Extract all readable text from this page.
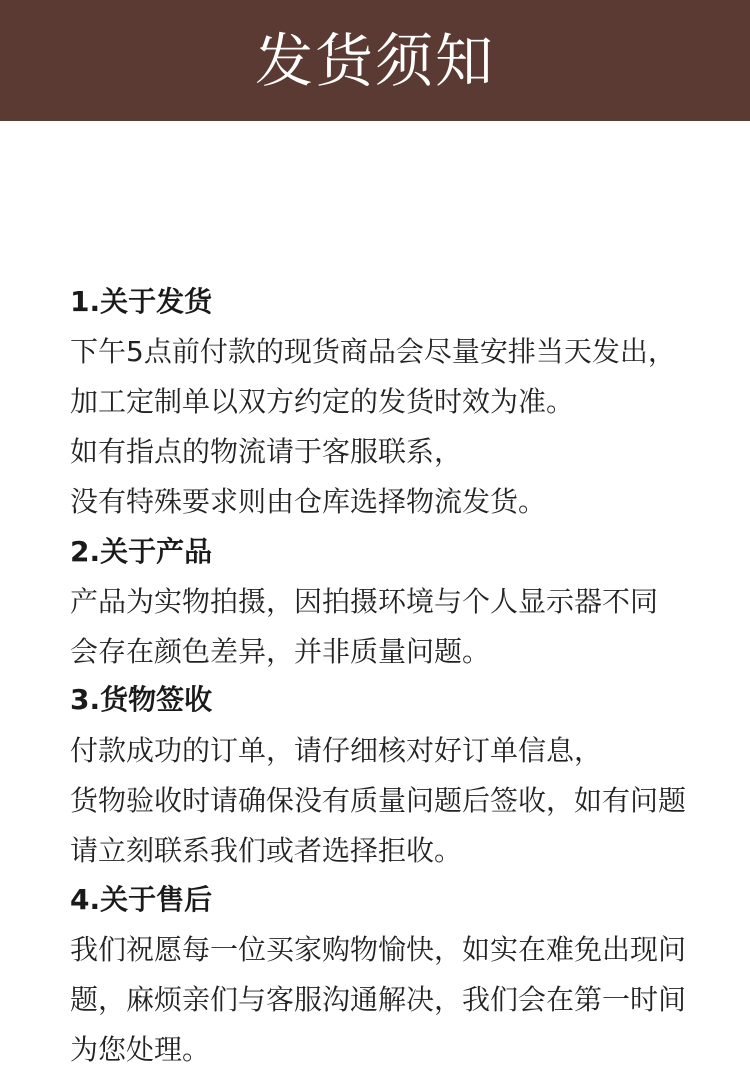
发货须知
1.关于发货
下午5点前付款的现货商品会尽量安排当天发出，
加工定制单以双方约定的发货时效为准。
如有指点的物流请于客服联系，
没有特殊要求则由仓库选择物流发货。
2.关于产品
产品为实物拍摄，因拍摄环境与个人显示器不同
会存在颜色差异，并非质量问题。
3.货物签收
付款成功的订单，请仔细核对好订单信息，
货物验收时请确保没有质量问题后签收，如有问题
请立刻联系我们或者选择拒收。
4.关于售后
我们祝愿每一位买家购物愉快，如实在难免出现问
题，麻烦亲们与客服沟通解决，我们会在第一时间
为您处理。
